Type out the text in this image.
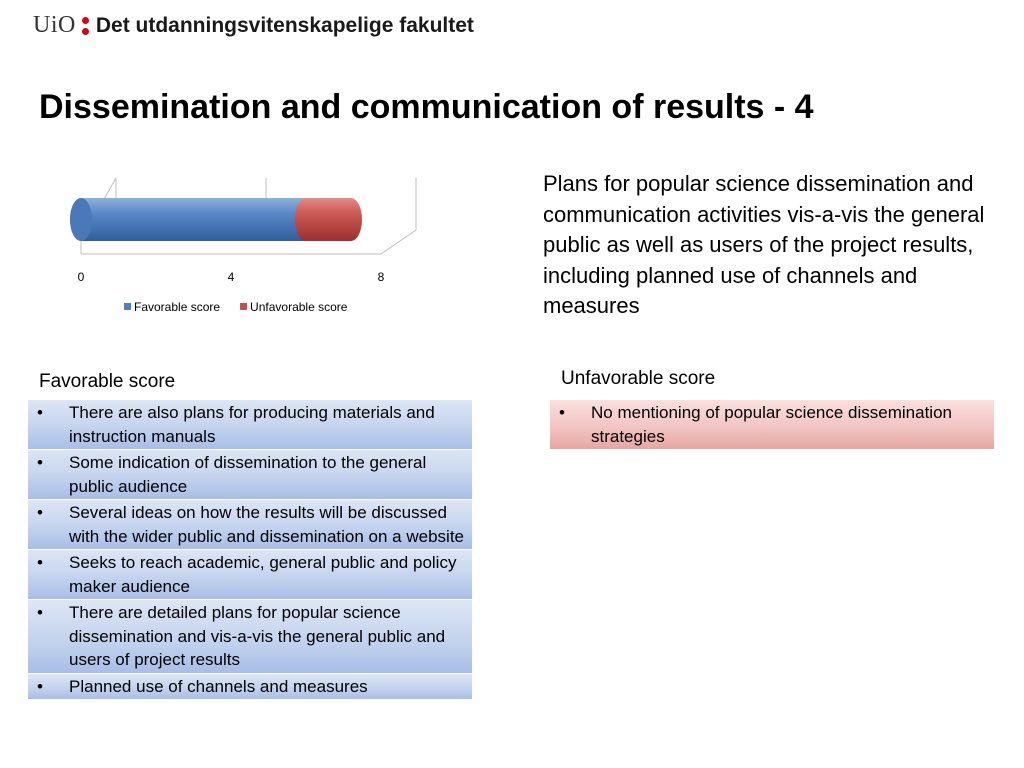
UiO Det utdanningsvitenskapelige fakultet
Dissemination and communication of results - 4
0	4	8
Favorable score	Unfavorable score

Plans for popular science dissemination and communication activities vis-a-vis the general public as well as users of the project results, including planned use of channels and measures

Favorable score	Unfavorable score
• There are also plans for producing materials and instruction manuals
• Some indication of dissemination to the general public audience
• Several ideas on how the results will be discussed with the wider public and dissemination on a website
• Seeks to reach academic, general public and policy maker audience
• There are detailed plans for popular science dissemination and vis-a-vis the general public and users of project results
• Planned use of channels and measures
• No mentioning of popular science dissemination strategies
